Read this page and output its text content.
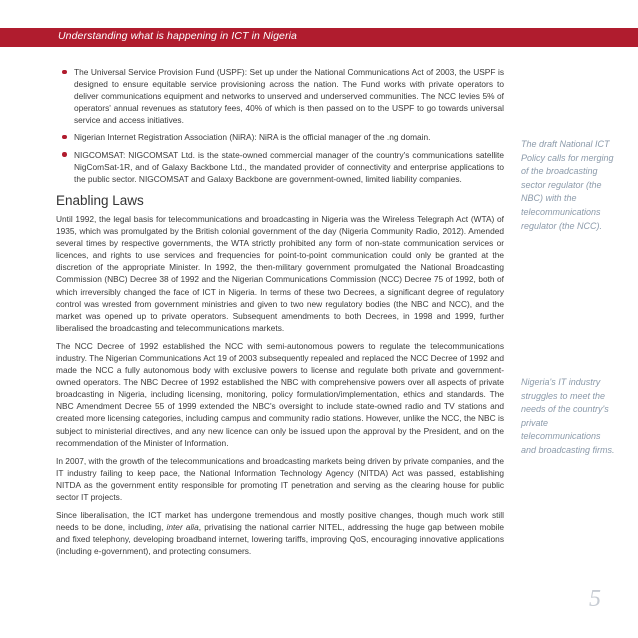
Understanding what is happening in ICT in Nigeria
The Universal Service Provision Fund (USPF): Set up under the National Communications Act of 2003, the USPF is designed to ensure equitable service provisioning across the nation. The Fund works with private operators to deliver communications equipment and networks to unserved and underserved communities. The NCC levies 5% of operators' annual revenues as statutory fees, 40% of which is then passed on to the USPF to go towards universal service and access initiatives.
Nigerian Internet Registration Association (NiRA): NiRA is the official manager of the .ng domain.
NIGCOMSAT: NIGCOMSAT Ltd. is the state-owned commercial manager of the country's communications satellite NigComSat-1R, and of Galaxy Backbone Ltd., the mandated provider of connectivity and enterprise applications to the public sector. NIGCOMSAT and Galaxy Backbone are government-owned, limited liability companies.
Enabling Laws

Until 1992, the legal basis for telecommunications and broadcasting in Nigeria was the Wireless Telegraph Act (WTA) of 1935, which was promulgated by the British colonial government of the day (Nigeria Community Radio, 2012). Amended several times by respective governments, the WTA strictly prohibited any form of non-state communication services or licences, and rights to use services and frequencies for point-to-point communication could only be granted at the discretion of the appropriate Minister. In 1992, the then-military government promulgated the National Broadcasting Commission (NBC) Decree 38 of 1992 and the Nigerian Communications Commission (NCC) Decree 75 of 1992, both of which irreversibly changed the face of ICT in Nigeria. In terms of these two Decrees, a significant degree of regulatory control was wrested from government ministries and given to two new regulatory bodies (the NBC and NCC), and the market was opened up to private operators. Subsequent amendments to both Decrees, in 1998 and 1999, further liberalised the broadcasting and telecommunications markets.

The NCC Decree of 1992 established the NCC with semi-autonomous powers to regulate the telecommunications industry. The Nigerian Communications Act 19 of 2003 subsequently repealed and replaced the NCC Decree of 1992 and made the NCC a fully autonomous body with exclusive powers to license and regulate both private and government-owned operators. The NBC Decree of 1992 established the NBC with comprehensive powers over all aspects of private broadcasting in Nigeria, including licensing, monitoring, policy formulation/implementation, ethics and standards. The NBC Amendment Decree 55 of 1999 extended the NBC's oversight to include state-owned radio and TV stations and created more licensing categories, including campus and community radio stations. However, unlike the NCC, the NBC is subject to ministerial directives, and any new licence can only be issued upon the approval by the President, and on the recommendation of the Minister of Information.

In 2007, with the growth of the telecommunications and broadcasting markets being driven by private companies, and the IT industry failing to keep pace, the National Information Technology Agency (NITDA) Act was passed, establishing NITDA as the government entity responsible for promoting IT penetration and serving as the clearing house for public sector IT projects.

Since liberalisation, the ICT market has undergone tremendous and mostly positive changes, though much work still needs to be done, including, inter alia, privatising the national carrier NITEL, addressing the huge gap between mobile and fixed telephony, developing broadband internet, lowering tariffs, improving QoS, encouraging innovative applications (including e-government), and protecting consumers.

The draft National ICT Policy calls for merging of the broadcasting sector regulator (the NBC) with the telecommunications regulator (the NCC).
Nigeria's IT industry struggles to meet the needs of the country's private telecommunications and broadcasting firms.
5
